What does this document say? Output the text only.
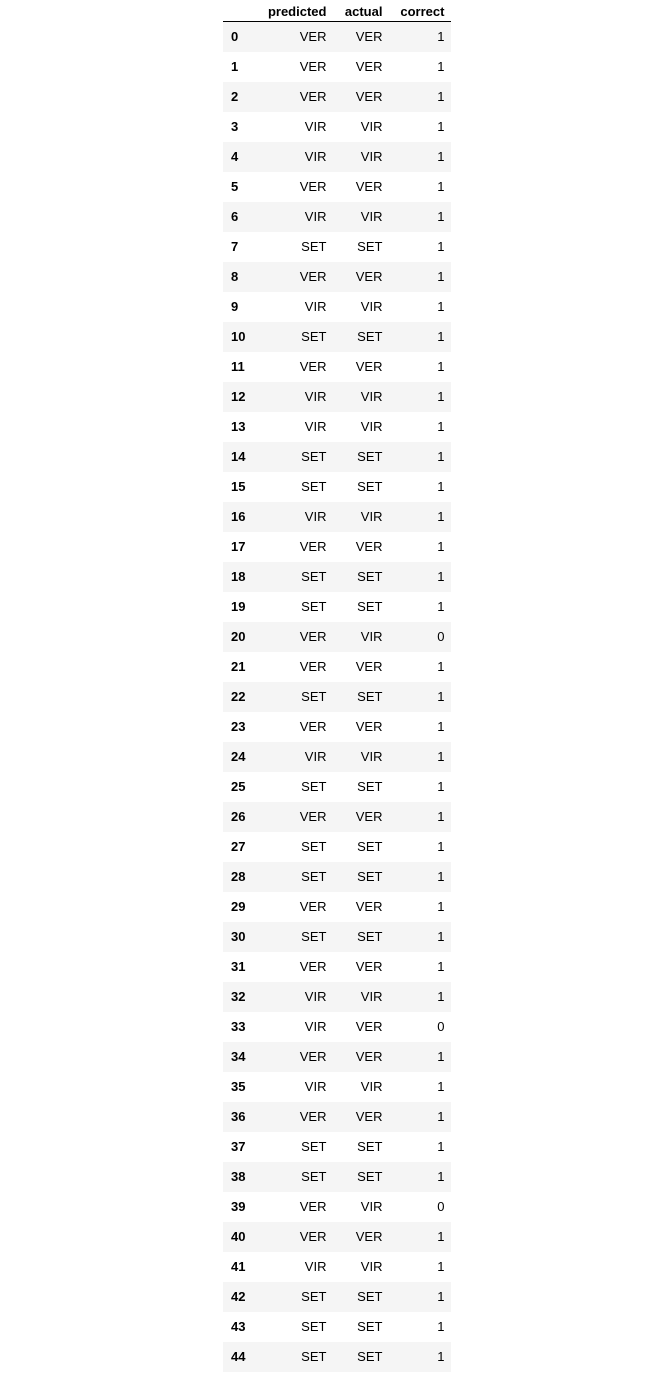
	predicted	actual	correct
0	VER	VER	1
1	VER	VER	1
2	VER	VER	1
3	VIR	VIR	1
4	VIR	VIR	1
5	VER	VER	1
6	VIR	VIR	1
7	SET	SET	1
8	VER	VER	1
9	VIR	VIR	1
10	SET	SET	1
11	VER	VER	1
12	VIR	VIR	1
13	VIR	VIR	1
14	SET	SET	1
15	SET	SET	1
16	VIR	VIR	1
17	VER	VER	1
18	SET	SET	1
19	SET	SET	1
20	VER	VIR	0
21	VER	VER	1
22	SET	SET	1
23	VER	VER	1
24	VIR	VIR	1
25	SET	SET	1
26	VER	VER	1
27	SET	SET	1
28	SET	SET	1
29	VER	VER	1
30	SET	SET	1
31	VER	VER	1
32	VIR	VIR	1
33	VIR	VER	0
34	VER	VER	1
35	VIR	VIR	1
36	VER	VER	1
37	SET	SET	1
38	SET	SET	1
39	VER	VIR	0
40	VER	VER	1
41	VIR	VIR	1
42	SET	SET	1
43	SET	SET	1
44	SET	SET	1
